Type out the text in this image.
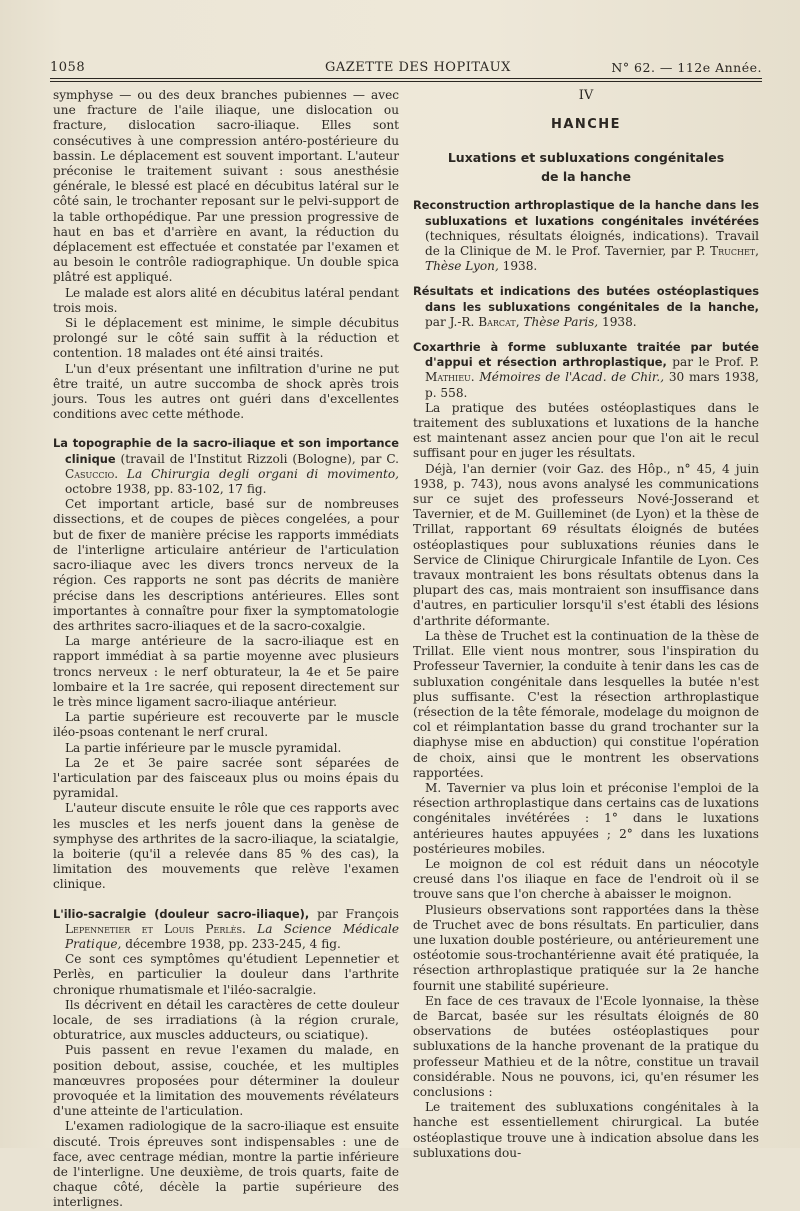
1058	GAZETTE DES HOPITAUX	N° 62. — 112e Année.

symphyse — ou des deux branches pubiennes — avec une fracture de l'aile iliaque, une dislocation ou fracture, dislocation sacro-iliaque. Elles sont consécutives à une compression antéro-postérieure du bassin. Le déplacement est souvent important. L'auteur préconise le traitement suivant : sous anesthésie générale, le blessé est placé en décubitus latéral sur le côté sain, le trochanter reposant sur le pelvi-support de la table orthopédique. Par une pression progressive de haut en bas et d'arrière en avant, la réduction du déplacement est effectuée et constatée par l'examen et au besoin le contrôle radiographique. Un double spica plâtré est appliqué.

Le malade est alors alité en décubitus latéral pendant trois mois.

Si le déplacement est minime, le simple décubitus prolongé sur le côté sain suffit à la réduction et contention. 18 malades ont été ainsi traités.

L'un d'eux présentant une infiltration d'urine ne put être traité, un autre succomba de shock après trois jours. Tous les autres ont guéri dans d'excellentes conditions avec cette méthode.

La topographie de la sacro-iliaque et son importance clinique (travail de l'Institut Rizzoli (Bologne), par C. Casuccio. La Chirurgia degli organi di movimento, octobre 1938, pp. 83-102, 17 fig.

Cet important article, basé sur de nombreuses dissections, et de coupes de pièces congelées, a pour but de fixer de manière précise les rapports immédiats de l'interligne articulaire antérieur de l'articulation sacro-iliaque avec les divers troncs nerveux de la région. Ces rapports ne sont pas décrits de manière précise dans les descriptions antérieures. Elles sont importantes à connaître pour fixer la symptomatologie des arthrites sacro-iliaques et de la sacro-coxalgie.

La marge antérieure de la sacro-iliaque est en rapport immédiat à sa partie moyenne avec plusieurs troncs nerveux : le nerf obturateur, la 4e et 5e paire lombaire et la 1re sacrée, qui reposent directement sur le très mince ligament sacro-iliaque antérieur.

La partie supérieure est recouverte par le muscle iléo-psoas contenant le nerf crural.

La partie inférieure par le muscle pyramidal.

La 2e et 3e paire sacrée sont séparées de l'articulation par des faisceaux plus ou moins épais du pyramidal.

L'auteur discute ensuite le rôle que ces rapports avec les muscles et les nerfs jouent dans la genèse de symphyse des arthrites de la sacro-iliaque, la sciatalgie, la boiterie (qu'il a relevée dans 85 % des cas), la limitation des mouvements que relève l'examen clinique.

L'ilio-sacralgie (douleur sacro-iliaque), par François Lepennetier et Louis Perlès. La Science Médicale Pratique, décembre 1938, pp. 233-245, 4 fig.

Ce sont ces symptômes qu'étudient Lepennetier et Perlès, en particulier la douleur dans l'arthrite chronique rhumatismale et l'iléo-sacralgie.

Ils décrivent en détail les caractères de cette douleur locale, de ses irradiations (à la région crurale, obturatrice, aux muscles adducteurs, ou sciatique).

Puis passent en revue l'examen du malade, en position debout, assise, couchée, et les multiples manœuvres proposées pour déterminer la douleur provoquée et la limitation des mouvements révélateurs d'une atteinte de l'articulation.

L'examen radiologique de la sacro-iliaque est ensuite discuté. Trois épreuves sont indispensables : une de face, avec centrage médian, montre la partie inférieure de l'interligne. Une deuxième, de trois quarts, faite de chaque côté, décèle la partie supérieure des interlignes.

IV
HANCHE
Luxations et subluxations congénitales
de la hanche

Reconstruction arthroplastique de la hanche dans les subluxations et luxations congénitales invétérées (techniques, résultats éloignés, indications). Travail de la Clinique de M. le Prof. Tavernier, par P. Truchet, Thèse Lyon, 1938.

Résultats et indications des butées ostéoplastiques dans les subluxations congénitales de la hanche, par J.-R. Barcat, Thèse Paris, 1938.

Coxarthrie à forme subluxante traitée par butée d'appui et résection arthroplastique, par le Prof. P. Mathieu. Mémoires de l'Acad. de Chir., 30 mars 1938, p. 558.

La pratique des butées ostéoplastiques dans le traitement des subluxations et luxations de la hanche est maintenant assez ancien pour que l'on ait le recul suffisant pour en juger les résultats.

Déjà, l'an dernier (voir Gaz. des Hôp., n° 45, 4 juin 1938, p. 743), nous avons analysé les communications sur ce sujet des professeurs Nové-Josserand et Tavernier, et de M. Guilleminet (de Lyon) et la thèse de Trillat, rapportant 69 résultats éloignés de butées ostéoplastiques pour subluxations réunies dans le Service de Clinique Chirurgicale Infantile de Lyon. Ces travaux montraient les bons résultats obtenus dans la plupart des cas, mais montraient son insuffisance dans d'autres, en particulier lorsqu'il s'est établi des lésions d'arthrite déformante.

La thèse de Truchet est la continuation de la thèse de Trillat. Elle vient nous montrer, sous l'inspiration du Professeur Tavernier, la conduite à tenir dans les cas de subluxation congénitale dans lesquelles la butée n'est plus suffisante. C'est la résection arthroplastique (résection de la tête fémorale, modelage du moignon de col et réimplantation basse du grand trochanter sur la diaphyse mise en abduction) qui constitue l'opération de choix, ainsi que le montrent les observations rapportées.

M. Tavernier va plus loin et préconise l'emploi de la résection arthroplastique dans certains cas de luxations congénitales invétérées : 1° dans le luxations antérieures hautes appuyées ; 2° dans les luxations postérieures mobiles.

Le moignon de col est réduit dans un néocotyle creusé dans l'os iliaque en face de l'endroit où il se trouve sans que l'on cherche à abaisser le moignon.

Plusieurs observations sont rapportées dans la thèse de Truchet avec de bons résultats. En particulier, dans une luxation double postérieure, ou antérieurement une ostéotomie sous-trochantérienne avait été pratiquée, la résection arthroplastique pratiquée sur la 2e hanche fournit une stabilité supérieure.

En face de ces travaux de l'Ecole lyonnaise, la thèse de Barcat, basée sur les résultats éloignés de 80 observations de butées ostéoplastiques pour subluxations de la hanche provenant de la pratique du professeur Mathieu et de la nôtre, constitue un travail considérable. Nous ne pouvons, ici, qu'en résumer les conclusions :

Le traitement des subluxations congénitales à la hanche est essentiellement chirurgical. La butée ostéoplastique trouve une à indication absolue dans les subluxations dou-
